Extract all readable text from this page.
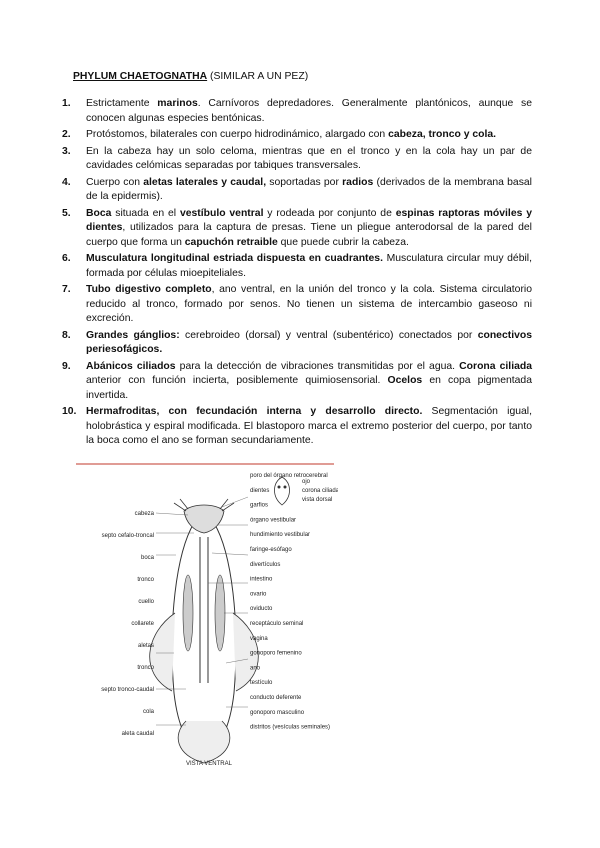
PHYLUM CHAETOGNATHA (SIMILAR A UN PEZ)
1. Estrictamente marinos. Carnívoros depredadores. Generalmente plantónicos, aunque se conocen algunas especies bentónicas.
2. Protóstomos, bilaterales con cuerpo hidrodinámico, alargado con cabeza, tronco y cola.
3. En la cabeza hay un solo celoma, mientras que en el tronco y en la cola hay un par de cavidades celómicas separadas por tabiques transversales.
4. Cuerpo con aletas laterales y caudal, soportadas por radios (derivados de la membrana basal de la epidermis).
5. Boca situada en el vestíbulo ventral y rodeada por conjunto de espinas raptoras móviles y dientes, utilizados para la captura de presas. Tiene un pliegue anterodorsal de la pared del cuerpo que forma un capuchón retraible que puede cubrir la cabeza.
6. Musculatura longitudinal estriada dispuesta en cuadrantes. Musculatura circular muy débil, formada por células mioepiteliales.
7. Tubo digestivo completo, ano ventral, en la unión del tronco y la cola. Sistema circulatorio reducido al tronco, formado por senos. No tienen un sistema de intercambio gaseoso ni excreción.
8. Grandes gánglios: cerebroideo (dorsal) y ventral (subentérico) conectados por conectivos periesofágicos.
9. Abánicos ciliados para la detección de vibraciones transmitidas por el agua. Corona ciliada anterior con función incierta, posiblemente quimiosensorial. Ocelos en copa pigmentada invertida.
10. Hermafroditas, con fecundación interna y desarrollo directo. Segmentación igual, holobrástica y espiral modificada. El blastoporo marca el extremo posterior del cuerpo, por tanto la boca como el ano se forman secundariamente.
cabeza
septo cefalo-troncal
boca
tronco
cuello
collarete
aletas
tronco
septo tronco-caudal
cola
aleta caudal
poro del órgano retrocerebral
dientes
garfios
órgano vestibular
hundimiento vestibular
faringe-esófago
divertículos
intestino
ovario
oviducto
receptáculo seminal
vagina
gonoporo femenino
ano
testículo
conducto deferente
gonoporo masculino
distritos (vesículas seminales)
ojo
corona ciliada
vista dorsal
VISTA VENTRAL
